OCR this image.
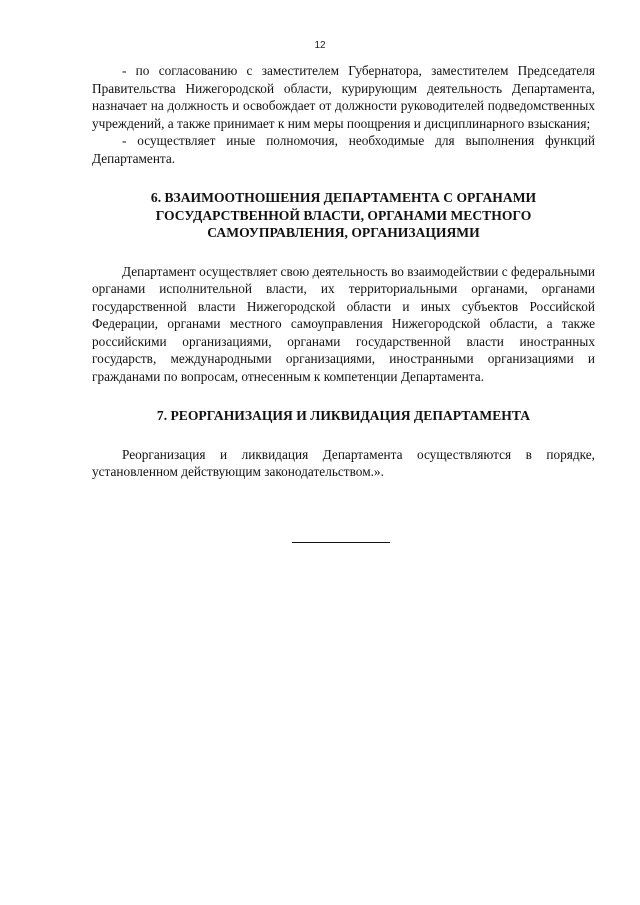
12

- по согласованию с заместителем Губернатора, заместителем Председателя Правительства Нижегородской области, курирующим деятельность Департамента, назначает на должность и освобождает от должности руководителей подведомственных учреждений, а также принимает к ним меры поощрения и дисциплинарного взыскания;

- осуществляет иные полномочия, необходимые для выполнения функций Департамента.

6. ВЗАИМООТНОШЕНИЯ ДЕПАРТАМЕНТА С ОРГАНАМИ ГОСУДАРСТВЕННОЙ ВЛАСТИ, ОРГАНАМИ МЕСТНОГО САМОУПРАВЛЕНИЯ, ОРГАНИЗАЦИЯМИ

Департамент осуществляет свою деятельность во взаимодействии с федеральными органами исполнительной власти, их территориальными органами, органами государственной власти Нижегородской области и иных субъектов Российской Федерации, органами местного самоуправления Нижегородской области, а также российскими организациями, органами государственной власти иностранных государств, международными организациями, иностранными организациями и гражданами по вопросам, отнесенным к компетенции Департамента.

7. РЕОРГАНИЗАЦИЯ И ЛИКВИДАЦИЯ ДЕПАРТАМЕНТА

Реорганизация и ликвидация Департамента осуществляются в порядке, установленном действующим законодательством.».
